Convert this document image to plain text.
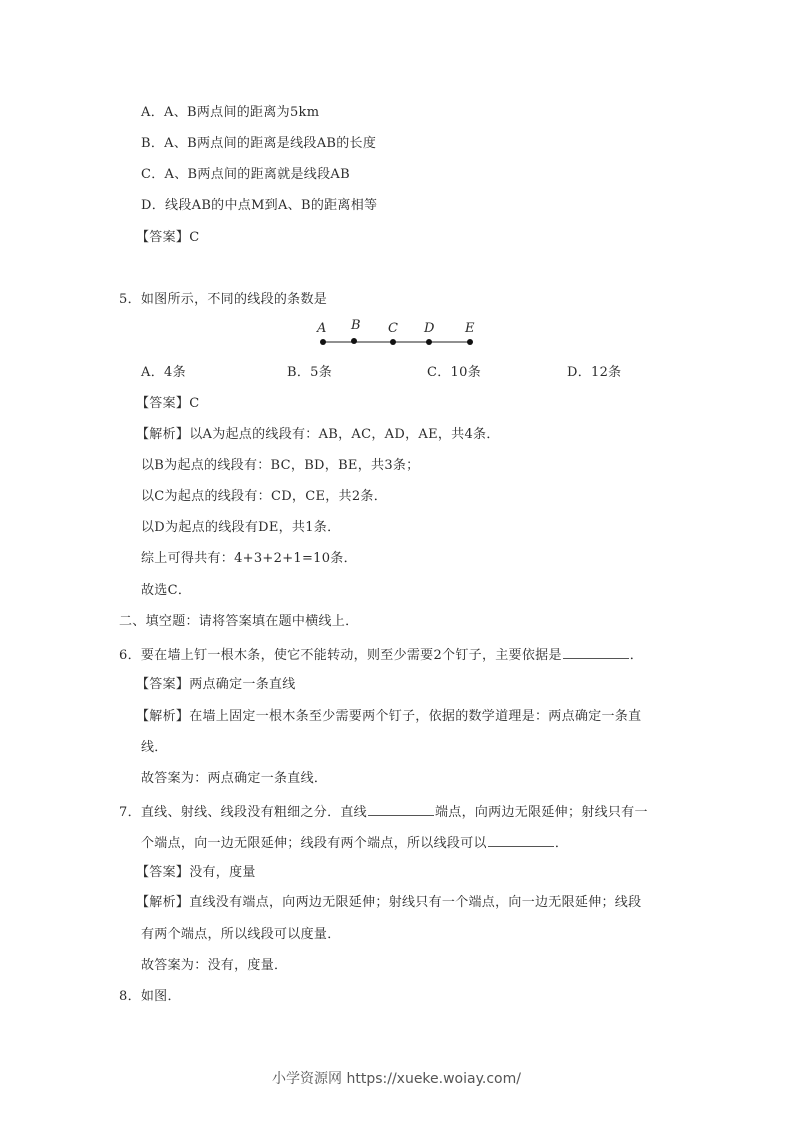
A．A、B两点间的距离为5km
B．A、B两点间的距离是线段AB的长度
C．A、B两点间的距离就是线段AB
D．线段AB的中点M到A、B的距离相等
【答案】C
5．如图所示，不同的线段的条数是
A B C D E
A．4条	B．5条	C．10条	D．12条
【答案】C
【解析】以A为起点的线段有：AB，AC，AD，AE，共4条．
以B为起点的线段有：BC，BD，BE，共3条；
以C为起点的线段有：CD，CE，共2条．
以D为起点的线段有DE，共1条．
综上可得共有：4+3+2+1=10条．
故选C．
二、填空题：请将答案填在题中横线上．
6．要在墙上钉一根木条，使它不能转动，则至少需要2个钉子，主要依据是	．
【答案】两点确定一条直线
【解析】在墙上固定一根木条至少需要两个钉子，依据的数学道理是：两点确定一条直
线．
故答案为：两点确定一条直线．
7．直线、射线、线段没有粗细之分．直线	端点，向两边无限延伸；射线只有一
个端点，向一边无限延伸；线段有两个端点，所以线段可以	．
【答案】没有，度量
【解析】直线没有端点，向两边无限延伸；射线只有一个端点，向一边无限延伸；线段
有两个端点，所以线段可以度量．
故答案为：没有，度量．
8．如图．
小学资源网 https://xueke.woiay.com/
